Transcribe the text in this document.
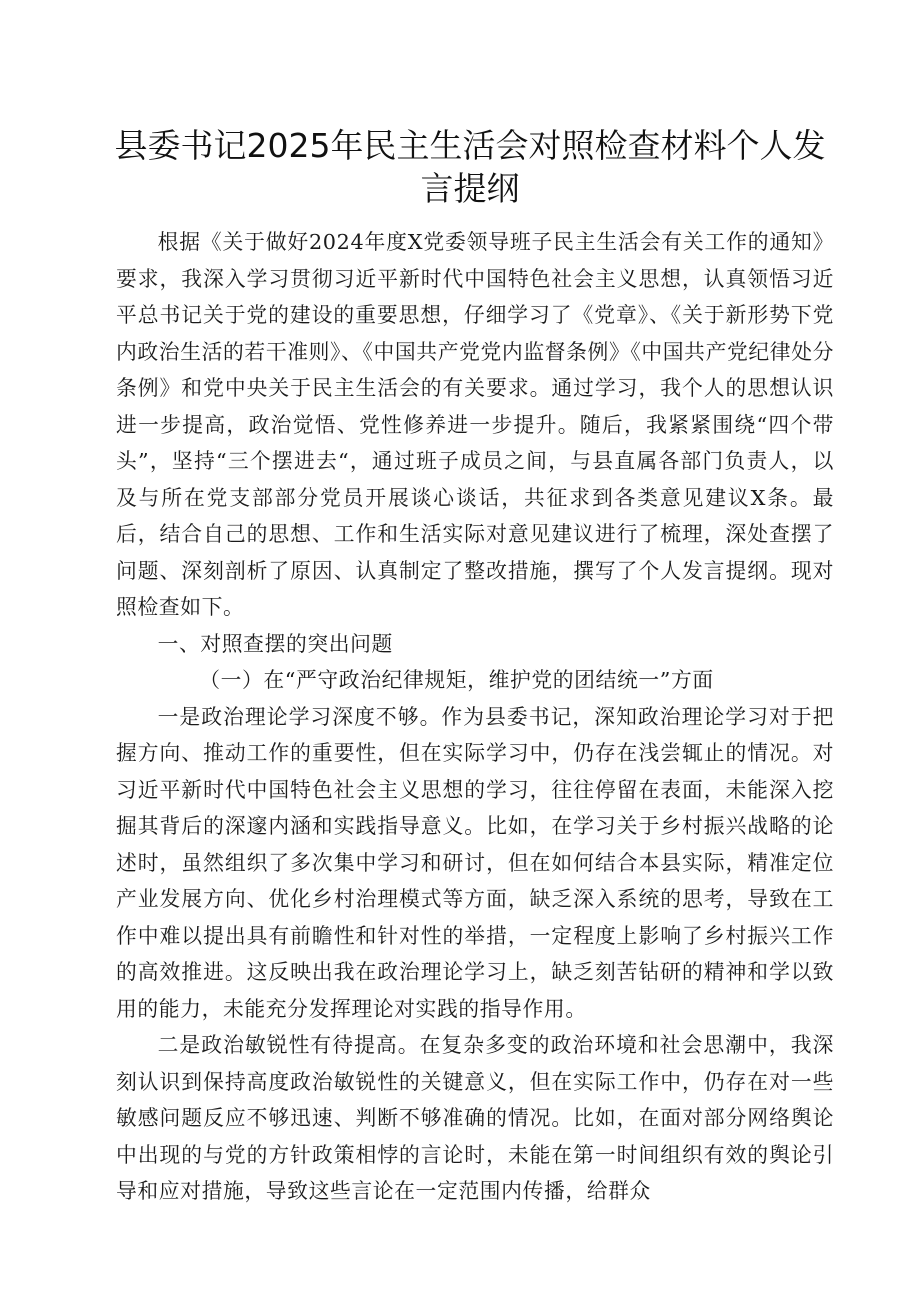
县委书记2025年民主生活会对照检查材料个人发言提纲

根据《关于做好2024年度X党委领导班子民主生活会有关工作的通知》要求，我深入学习贯彻习近平新时代中国特色社会主义思想，认真领悟习近平总书记关于党的建设的重要思想，仔细学习了《党章》、《关于新形势下党内政治生活的若干准则》、《中国共产党党内监督条例》《中国共产党纪律处分条例》和党中央关于民主生活会的有关要求。通过学习，我个人的思想认识进一步提高，政治觉悟、党性修养进一步提升。随后，我紧紧围绕“四个带头”，坚持“三个摆进去“，通过班子成员之间，与县直属各部门负责人，以及与所在党支部部分党员开展谈心谈话，共征求到各类意见建议X条。最后，结合自己的思想、工作和生活实际对意见建议进行了梳理，深处查摆了问题、深刻剖析了原因、认真制定了整改措施，撰写了个人发言提纲。现对照检查如下。

一、对照查摆的突出问题
（一）在“严守政治纪律规矩，维护党的团结统一”方面

一是政治理论学习深度不够。作为县委书记，深知政治理论学习对于把握方向、推动工作的重要性，但在实际学习中，仍存在浅尝辄止的情况。对习近平新时代中国特色社会主义思想的学习，往往停留在表面，未能深入挖掘其背后的深邃内涵和实践指导意义。比如，在学习关于乡村振兴战略的论述时，虽然组织了多次集中学习和研讨，但在如何结合本县实际，精准定位产业发展方向、优化乡村治理模式等方面，缺乏深入系统的思考，导致在工作中难以提出具有前瞻性和针对性的举措，一定程度上影响了乡村振兴工作的高效推进。这反映出我在政治理论学习上，缺乏刻苦钻研的精神和学以致用的能力，未能充分发挥理论对实践的指导作用。

二是政治敏锐性有待提高。在复杂多变的政治环境和社会思潮中，我深刻认识到保持高度政治敏锐性的关键意义，但在实际工作中，仍存在对一些敏感问题反应不够迅速、判断不够准确的情况。比如，在面对部分网络舆论中出现的与党的方针政策相悖的言论时，未能在第一时间组织有效的舆论引导和应对措施，导致这些言论在一定范围内传播，给群众
